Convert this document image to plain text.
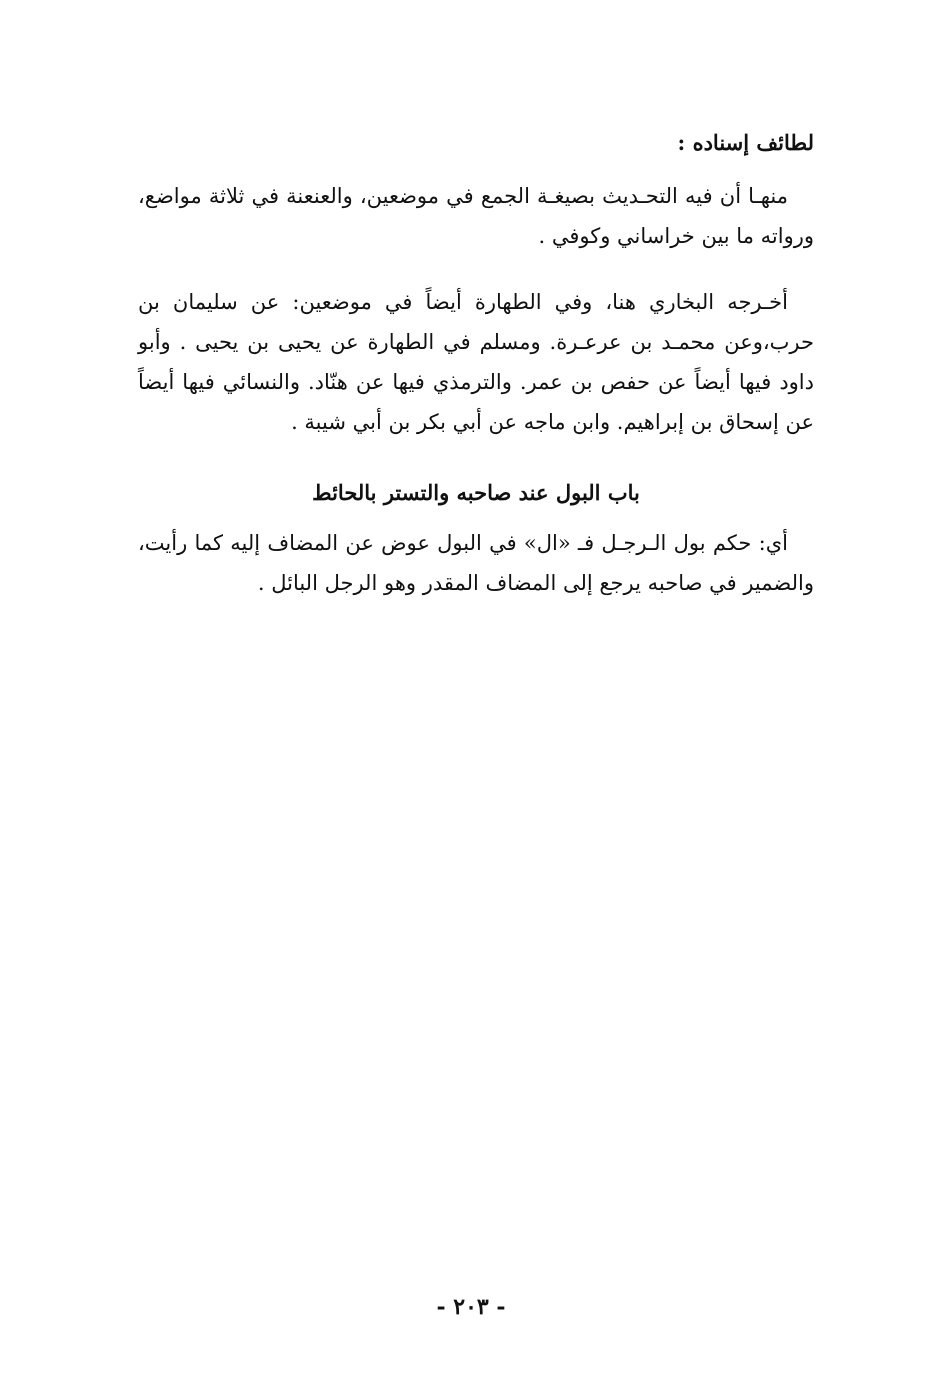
لطائف إسناده :

منهـا أن فيه التحـديث بصيغـة الجمع في موضعين، والعنعنة في ثلاثة مواضع، ورواته ما بين خراساني وكوفي .

أخـرجه البخاري هنا، وفي الطهارة أيضاً في موضعين: عن سليمان بن حرب،وعن محمـد بن عرعـرة. ومسلم في الطهارة عن يحيى بن يحيى . وأبو داود فيها أيضاً عن حفص بن عمر. والترمذي فيها عن هنّاد. والنسائي فيها أيضاً عن إسحاق بن إبراهيم. وابن ماجه عن أبي بكر بن أبي شيبة .

باب البول عند صاحبه والتستر بالحائط

أي: حكم بول الـرجـل فـ «ال» في البول عوض عن المضاف إليه كما رأيت، والضمير في صاحبه يرجع إلى المضاف المقدر وهو الرجل البائل .

- ٢٠٣ -
